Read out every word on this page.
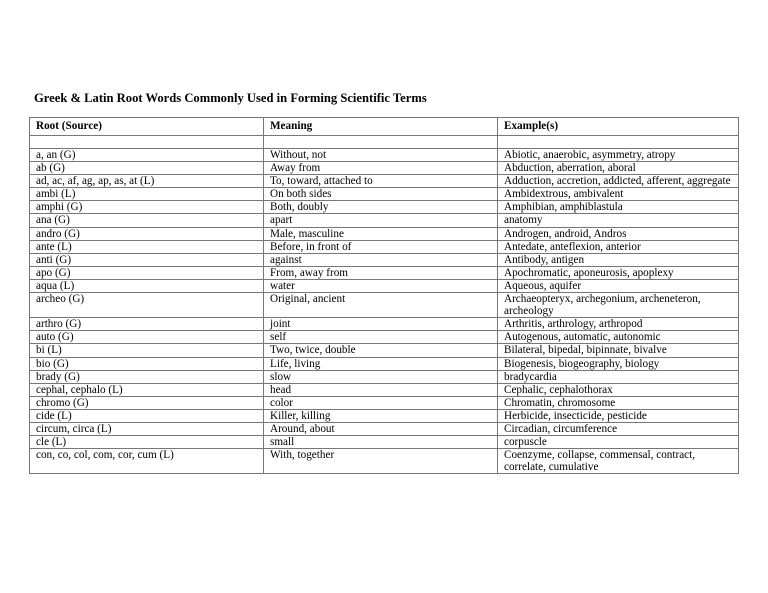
Greek & Latin Root Words Commonly Used in Forming Scientific Terms
Root (Source)	Meaning	Example(s)

a, an (G)	Without, not	Abiotic, anaerobic, asymmetry, atropy
ab (G)	Away from	Abduction, aberration, aboral
ad, ac, af, ag, ap, as, at (L)	To, toward, attached to	Adduction, accretion, addicted, afferent, aggregate
ambi (L)	On both sides	Ambidextrous, ambivalent
amphi (G)	Both, doubly	Amphibian, amphiblastula
ana (G)	apart	anatomy
andro (G)	Male, masculine	Androgen, android, Andros
ante (L)	Before, in front of	Antedate, anteflexion, anterior
anti (G)	against	Antibody, antigen
apo (G)	From, away from	Apochromatic, aponeurosis, apoplexy
aqua (L)	water	Aqueous, aquifer
archeo (G)	Original, ancient	Archaeopteryx, archegonium, archeneteron, archeology
arthro (G)	joint	Arthritis, arthrology, arthropod
auto (G)	self	Autogenous, automatic, autonomic
bi (L)	Two, twice, double	Bilateral, bipedal, bipinnate, bivalve
bio (G)	Life, living	Biogenesis, biogeography, biology
brady (G)	slow	bradycardia
cephal, cephalo (L)	head	Cephalic, cephalothorax
chromo (G)	color	Chromatin, chromosome
cide (L)	Killer, killing	Herbicide, insecticide, pesticide
circum, circa (L)	Around, about	Circadian, circumference
cle (L)	small	corpuscle
con, co, col, com, cor, cum (L)	With, together	Coenzyme, collapse, commensal, contract, correlate, cumulative
